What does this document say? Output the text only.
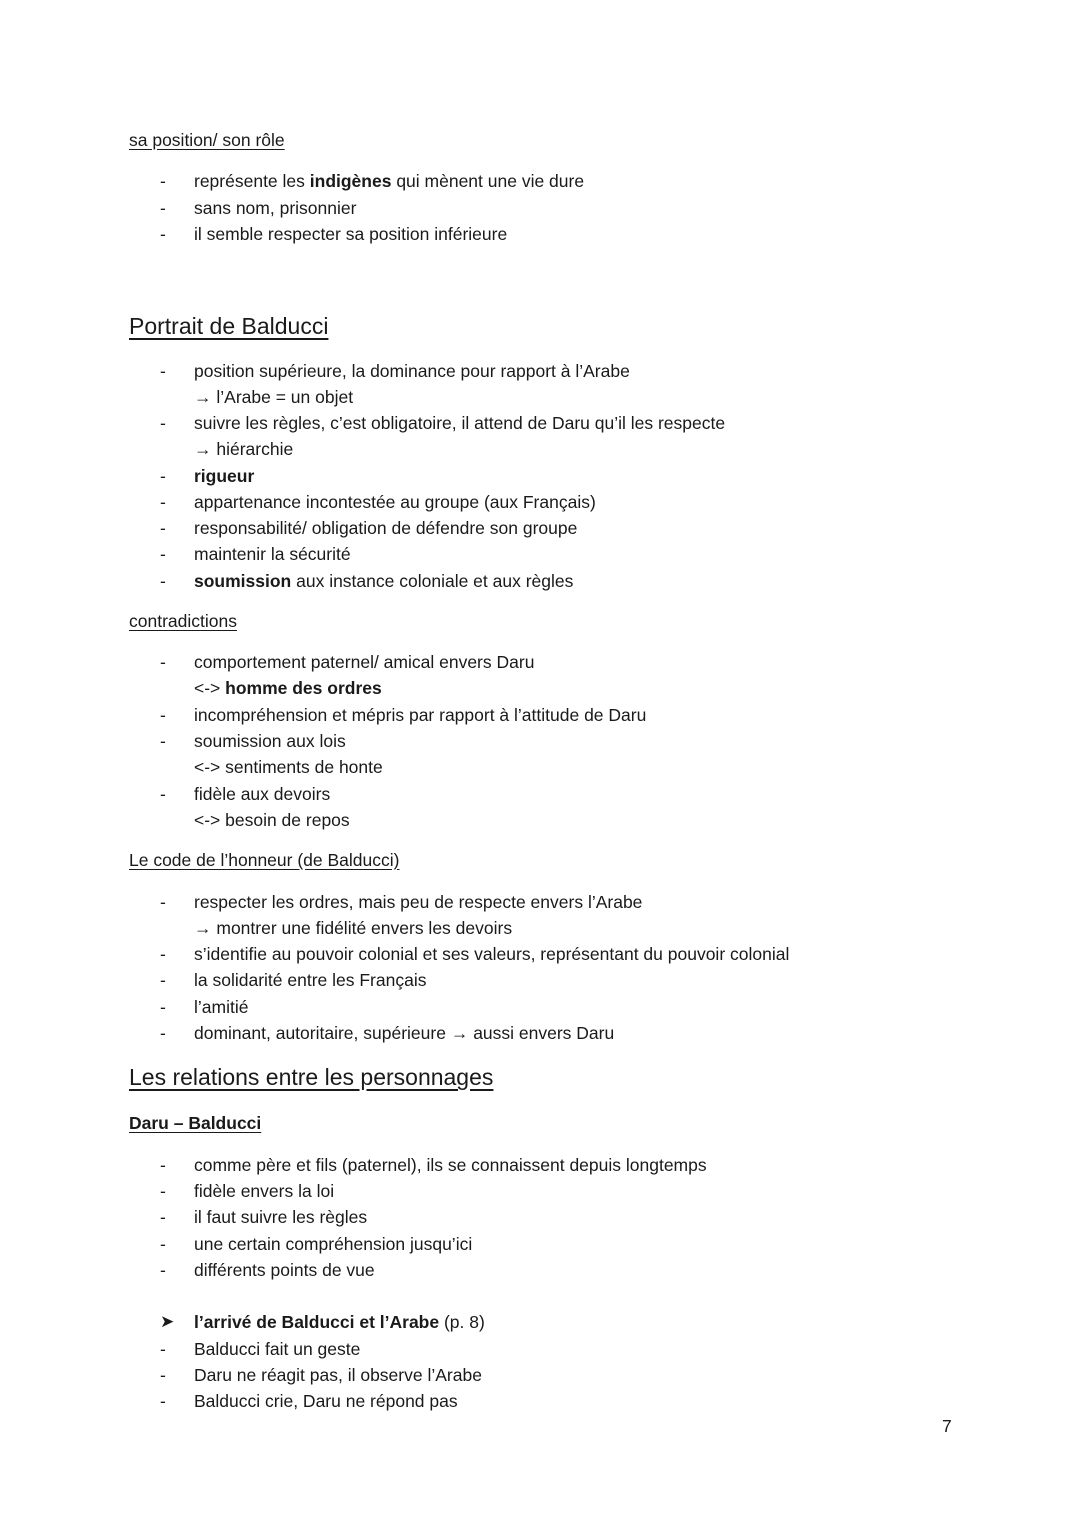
sa position/ son rôle
- représente les indigènes qui mènent une vie dure
- sans nom, prisonnier
- il semble respecter sa position inférieure
Portrait de Balducci
- position supérieure, la dominance pour rapport à l’Arabe
→ l’Arabe = un objet
- suivre les règles, c’est obligatoire, il attend de Daru qu’il les respecte
→ hiérarchie
- rigueur
- appartenance incontestée au groupe (aux Français)
- responsabilité/ obligation de défendre son groupe
- maintenir la sécurité
- soumission aux instance coloniale et aux règles
contradictions
- comportement paternel/ amical envers Daru
<-> homme des ordres
- incompréhension et mépris par rapport à l’attitude de Daru
- soumission aux lois
<-> sentiments de honte
- fidèle aux devoirs
<-> besoin de repos
Le code de l’honneur (de Balducci)
- respecter les ordres, mais peu de respecte envers l’Arabe
→ montrer une fidélité envers les devoirs
- s’identifie au pouvoir colonial et ses valeurs, représentant du pouvoir colonial
- la solidarité entre les Français
- l’amitié
- dominant, autoritaire, supérieure → aussi envers Daru
Les relations entre les personnages
Daru – Balducci
- comme père et fils (paternel), ils se connaissent depuis longtemps
- fidèle envers la loi
- il faut suivre les règles
- une certain compréhension jusqu’ici
- différents points de vue
➤ l’arrivé de Balducci et l’Arabe (p. 8)
- Balducci fait un geste
- Daru ne réagit pas, il observe l’Arabe
- Balducci crie, Daru ne répond pas
7
